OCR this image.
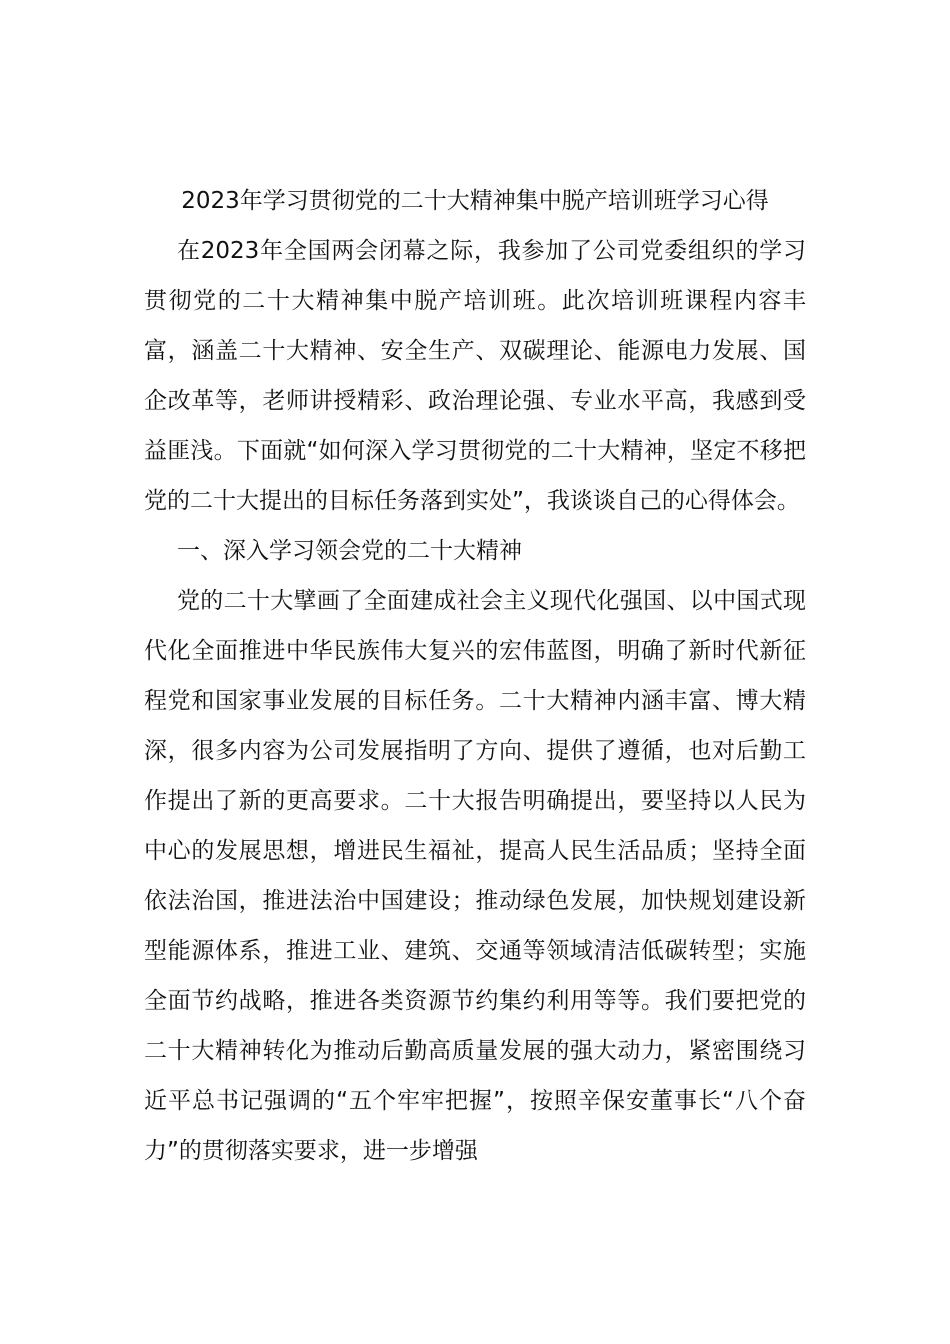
2023年学习贯彻党的二十大精神集中脱产培训班学习心得

在2023年全国两会闭幕之际，我参加了公司党委组织的学习贯彻党的二十大精神集中脱产培训班。此次培训班课程内容丰富，涵盖二十大精神、安全生产、双碳理论、能源电力发展、国企改革等，老师讲授精彩、政治理论强、专业水平高，我感到受益匪浅。下面就“如何深入学习贯彻党的二十大精神，坚定不移把党的二十大提出的目标任务落到实处”，我谈谈自己的心得体会。

一、深入学习领会党的二十大精神

党的二十大擘画了全面建成社会主义现代化强国、以中国式现代化全面推进中华民族伟大复兴的宏伟蓝图，明确了新时代新征程党和国家事业发展的目标任务。二十大精神内涵丰富、博大精深，很多内容为公司发展指明了方向、提供了遵循，也对后勤工作提出了新的更高要求。二十大报告明确提出，要坚持以人民为中心的发展思想，增进民生福祉，提高人民生活品质；坚持全面依法治国，推进法治中国建设；推动绿色发展，加快规划建设新型能源体系，推进工业、建筑、交通等领域清洁低碳转型；实施全面节约战略，推进各类资源节约集约利用等等。我们要把党的二十大精神转化为推动后勤高质量发展的强大动力，紧密围绕习近平总书记强调的“五个牢牢把握”，按照辛保安董事长“八个奋力”的贯彻落实要求，进一步增强
